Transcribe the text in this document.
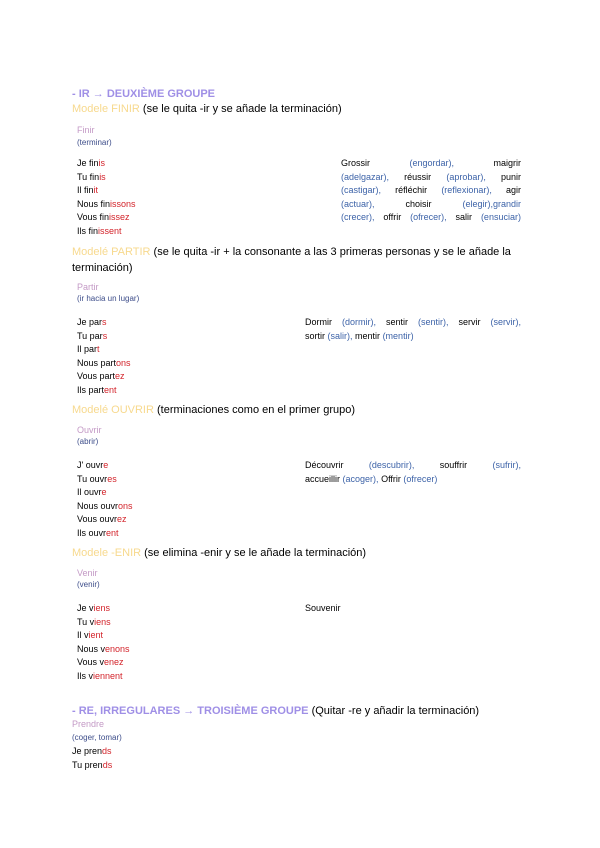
- IR → DEUXIÈME GROUPE
Modele FINIR (se le quita -ir y se añade la terminación)
Finir
(terminar)
Je finis
Tu finis
Il finit
Nous finissons
Vous finissez
Ils finissent
Grossir	(engordar),	maigrir
(adelgazar), réussir (aprobar), punir
(castigar), réfléchir (reflexionar), agir
(actuar),	choisir	(elegir),grandir
(crecer), offrir (ofrecer), salir (ensuciar)
Modelé PARTIR (se le quita -ir + la consonante a las 3 primeras personas y se le añade la
terminación)
Partir
(ir hacia un lugar)
Je pars
Tu pars
Il part
Nous partons
Vous partez
Ils partent
Dormir (dormir), sentir (sentir), servir (servir),
sortir (salir), mentir (mentir)
Modelé OUVRIR (terminaciones como en el primer grupo)
Ouvrir
(abrir)
J' ouvre
Tu ouvres
Il ouvre
Nous ouvrons
Vous ouvrez
Ils ouvrent
Découvrir	(descubrir),	souffrir	(sufrir),
accueillir (acoger), Offrir (ofrecer)
Modele -ENIR (se elimina -enir y se le añade la terminación)
Venir
(venir)
Je viens
Tu viens
Il vient
Nous venons
Vous venez
Ils viennent
Souvenir
- RE, IRREGULARES → TROISIÈME GROUPE (Quitar -re y añadir la terminación)
Prendre
(coger, tomar)
Je prends
Tu prends
